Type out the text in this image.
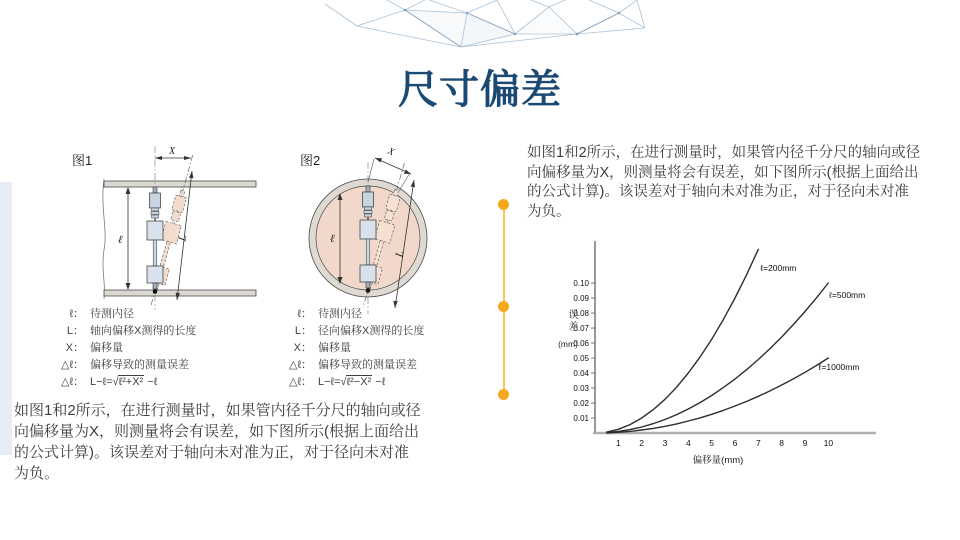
尺寸偏差
图1
X
ℓ	L
图2
X
ℓ
L
ℓ： 待测内径
L： 轴向偏移X测得的长度
X： 偏移量
△ℓ： 偏移导致的测量误差
△ℓ： L−ℓ=√ℓ²+X² −ℓ
ℓ： 待测内径
L： 径向偏移X测得的长度
X： 偏移量
△ℓ： 偏移导致的测量误差
△ℓ： L−ℓ=√ℓ²−X² −ℓ
如图1和2所示，在进行测量时，如果管内径千分尺的轴向或径
向偏移量为X，则测量将会有误差，如下图所示(根据上面给出
的公式计算)。该误差对于轴向未对准为正，对于径向未对准
为负。
如图1和2所示，在进行测量时，如果管内径千分尺的轴向或径
向偏移量为X，则测量将会有误差，如下图所示(根据上面给出
的公式计算)。该误差对于轴向未对准为正，对于径向未对准
为负。
0.01
0.02
0.03
0.04
0.05
0.06
0.07
0.08
0.09
0.10
1 2 3 4 5 6 7 8 9 10
ℓ=200mm
ℓ=500mm
ℓ=1000mm
误差
(mm)
偏移量(mm)
